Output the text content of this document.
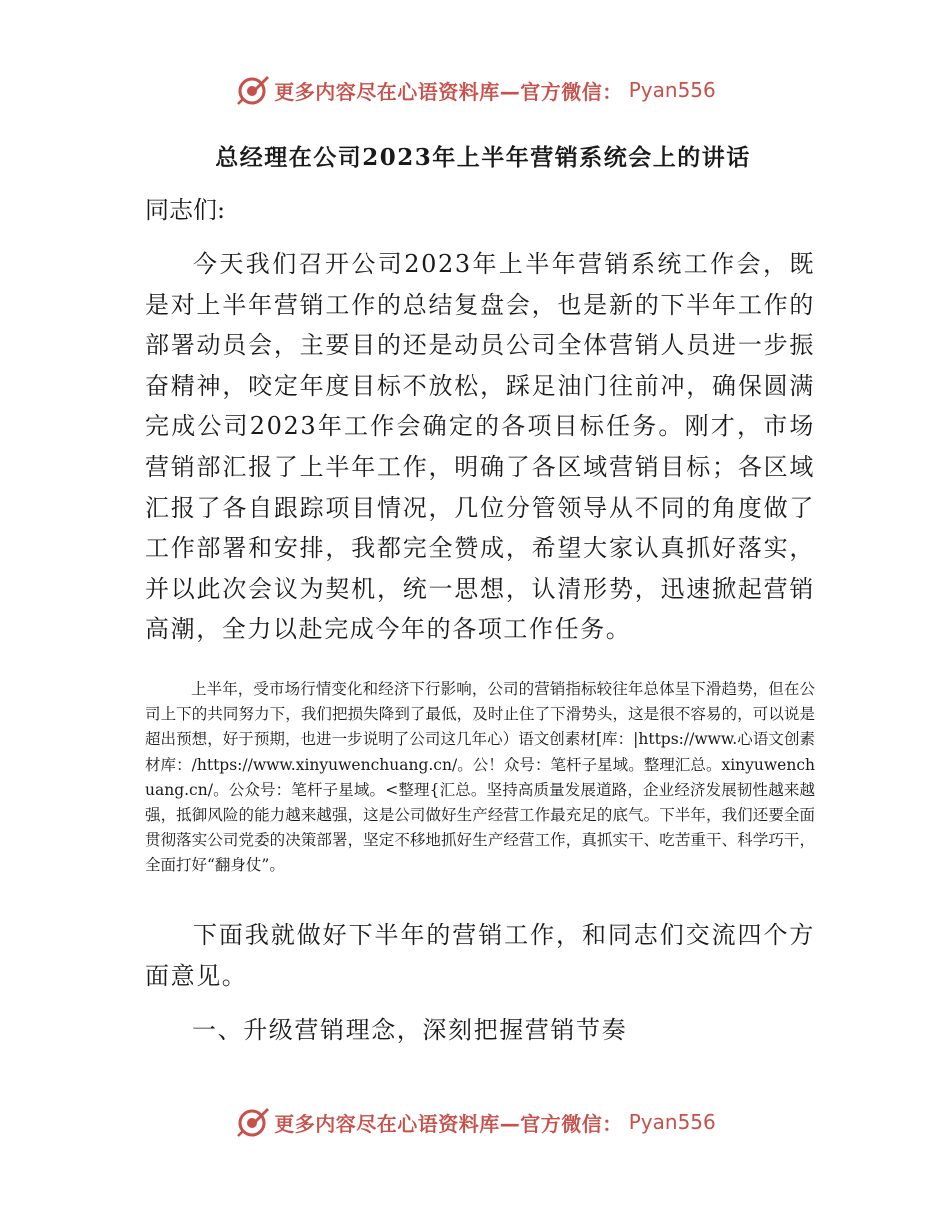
更多内容尽在心语资料库—官方微信： Pyan556
总经理在公司2023年上半年营销系统会上的讲话

同志们:

今天我们召开公司2023年上半年营销系统工作会，既是对上半年营销工作的总结复盘会，也是新的下半年工作的部署动员会，主要目的还是动员公司全体营销人员进一步振奋精神，咬定年度目标不放松，踩足油门往前冲，确保圆满完成公司2023年工作会确定的各项目标任务。刚才，市场营销部汇报了上半年工作，明确了各区域营销目标；各区域汇报了各自跟踪项目情况，几位分管领导从不同的角度做了工作部署和安排，我都完全赞成，希望大家认真抓好落实，并以此次会议为契机，统一思想，认清形势，迅速掀起营销高潮，全力以赴完成今年的各项工作任务。

上半年，受市场行情变化和经济下行影响，公司的营销指标较往年总体呈下滑趋势，但在公司上下的共同努力下，我们把损失降到了最低，及时止住了下滑势头，这是很不容易的，可以说是超出预想，好于预期，也进一步说明了公司这几年心）语文创素材[库：|https://www.心语文创素材库：/https://www.xinyuwenchuang.cn/。公！众号：笔杆子星域。整理汇总。xinyuwenchuang.cn/。公众号：笔杆子星域。<整理{汇总。坚持高质量发展道路，企业经济发展韧性越来越强，抵御风险的能力越来越强，这是公司做好生产经营工作最充足的底气。下半年，我们还要全面贯彻落实公司党委的决策部署，坚定不移地抓好生产经营工作，真抓实干、吃苦重干、科学巧干，全面打好“翻身仗”。

下面我就做好下半年的营销工作，和同志们交流四个方面意见。

一、升级营销理念，深刻把握营销节奏

更多内容尽在心语资料库—官方微信： Pyan556
